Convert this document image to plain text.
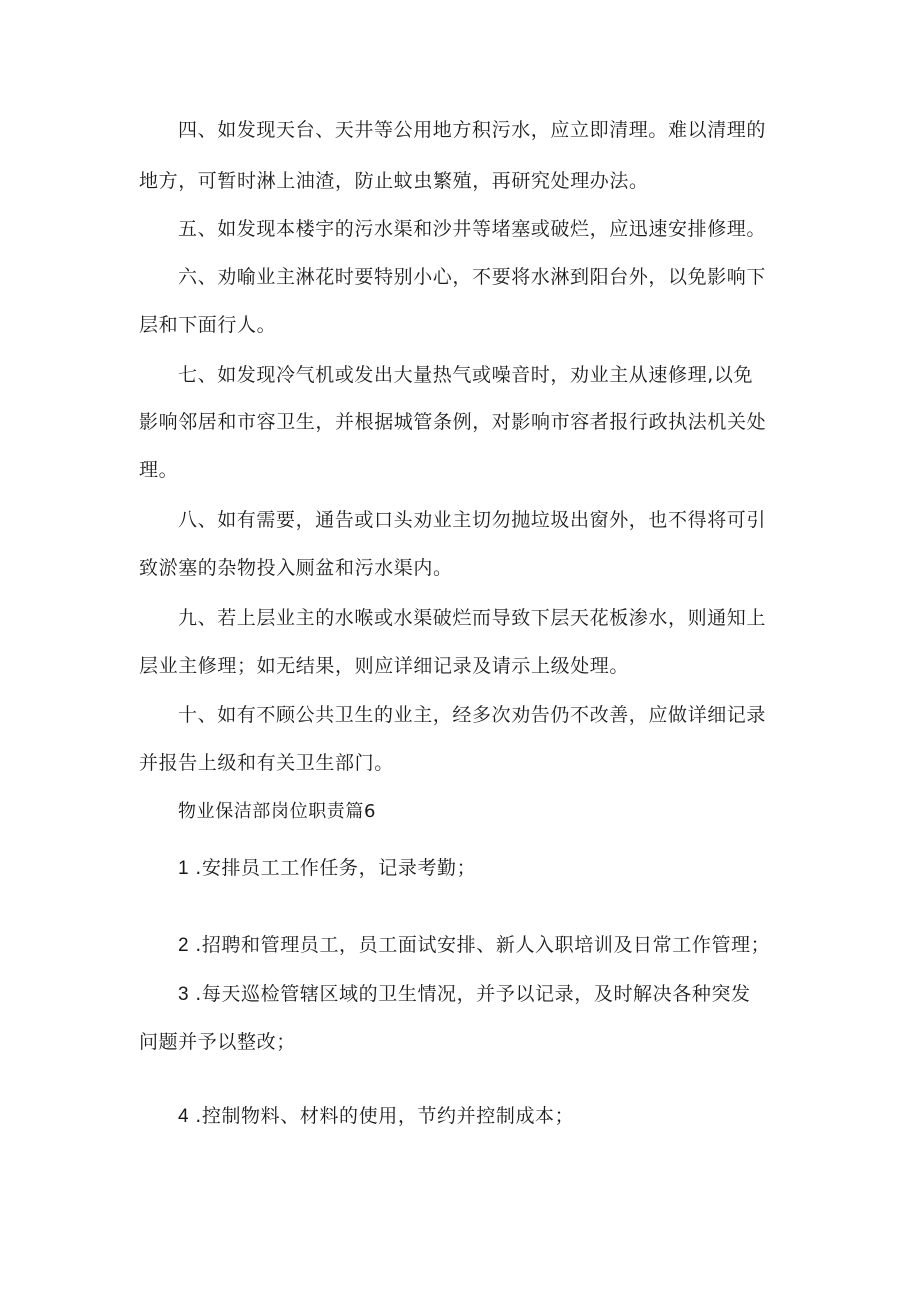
四、如发现天台、天井等公用地方积污水，应立即清理。难以清理的
地方，可暂时淋上油渣，防止蚊虫繁殖，再研究处理办法。
五、如发现本楼宇的污水渠和沙井等堵塞或破烂，应迅速安排修理。
六、劝喻业主淋花时要特别小心，不要将水淋到阳台外，以免影响下
层和下面行人。
七、如发现冷气机或发出大量热气或噪音时，劝业主从速修理,以免
影响邻居和市容卫生，并根据城管条例，对影响市容者报行政执法机关处
理。
八、如有需要，通告或口头劝业主切勿抛垃圾出窗外，也不得将可引
致淤塞的杂物投入厕盆和污水渠内。
九、若上层业主的水喉或水渠破烂而导致下层天花板渗水，则通知上
层业主修理；如无结果，则应详细记录及请示上级处理。
十、如有不顾公共卫生的业主，经多次劝告仍不改善，应做详细记录
并报告上级和有关卫生部门。
物业保洁部岗位职责篇6
1 .安排员工工作任务，记录考勤；
2 .招聘和管理员工，员工面试安排、新人入职培训及日常工作管理；
3 .每天巡检管辖区域的卫生情况，并予以记录，及时解决各种突发
问题并予以整改；
4 .控制物料、材料的使用，节约并控制成本；
